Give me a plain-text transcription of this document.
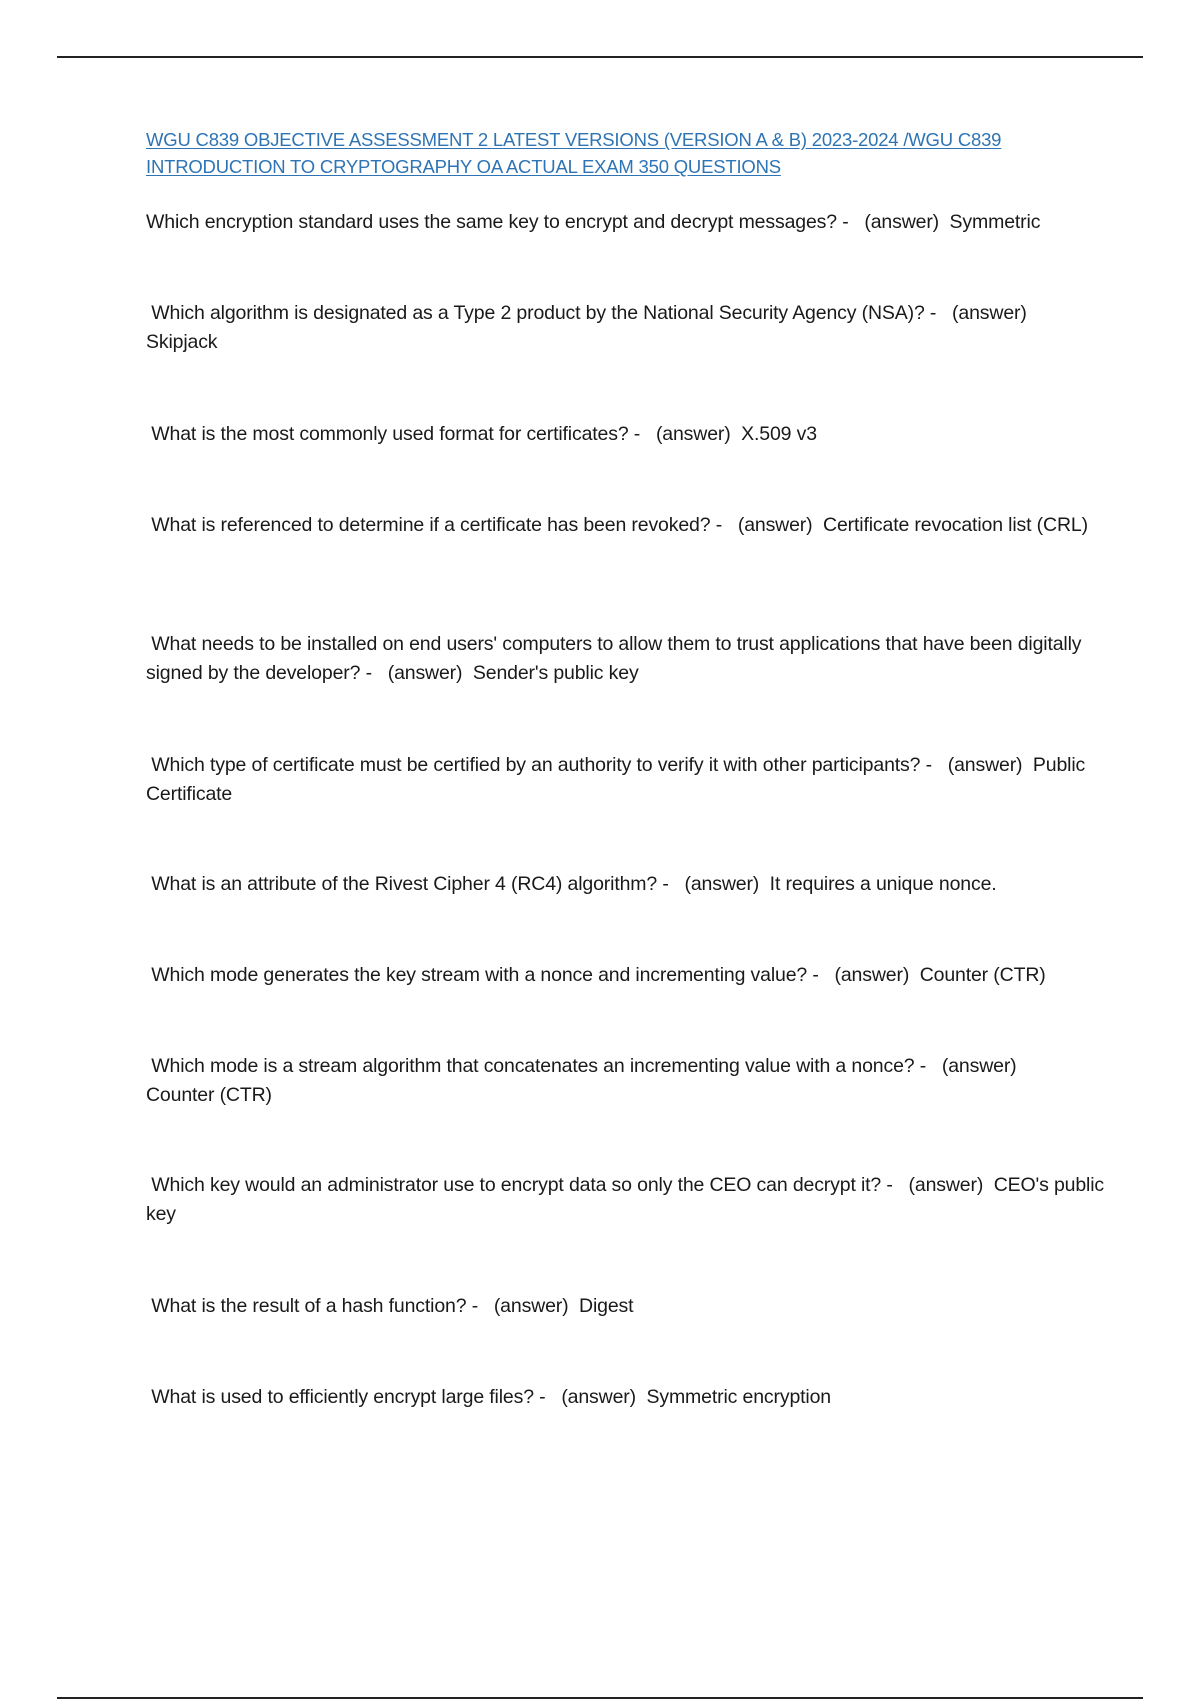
WGU C839 OBJECTIVE ASSESSMENT 2 LATEST VERSIONS (VERSION A & B) 2023-2024 /WGU C839
INTRODUCTION TO CRYPTOGRAPHY OA ACTUAL EXAM 350 QUESTIONS

Which encryption standard uses the same key to encrypt and decrypt messages? -   (answer)  Symmetric

Which algorithm is designated as a Type 2 product by the National Security Agency (NSA)? -   (answer)  Skipjack

What is the most commonly used format for certificates? -   (answer)  X.509 v3

What is referenced to determine if a certificate has been revoked? -   (answer)  Certificate revocation list (CRL)

What needs to be installed on end users' computers to allow them to trust applications that have been digitally signed by the developer? -   (answer)  Sender's public key

Which type of certificate must be certified by an authority to verify it with other participants? -   (answer)  Public Certificate

What is an attribute of the Rivest Cipher 4 (RC4) algorithm? -   (answer)  It requires a unique nonce.

Which mode generates the key stream with a nonce and incrementing value? -   (answer)  Counter (CTR)

Which mode is a stream algorithm that concatenates an incrementing value with a nonce? -   (answer)  Counter (CTR)

Which key would an administrator use to encrypt data so only the CEO can decrypt it? -   (answer)  CEO's public key

What is the result of a hash function? -   (answer)  Digest

What is used to efficiently encrypt large files? -   (answer)  Symmetric encryption
